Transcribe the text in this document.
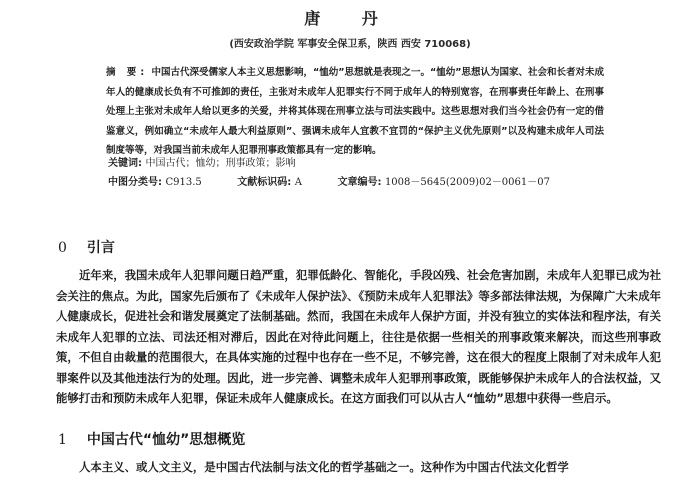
唐 丹
(西安政治学院 军事安全保卫系，陕西 西安 710068)
摘 要: 中国古代深受儒家人本主义思想影响，“恤幼”思想就是表现之一。“恤幼”思想认为国家、社会和长者对未成年人的健康成长负有不可推卸的责任，主张对未成年人犯罪实行不同于成年人的特别宽容，在刑事责任年龄上、在刑事处理上主张对未成年人给以更多的关爱，并将其体现在刑事立法与司法实践中。这些思想对我们当今社会仍有一定的借鉴意义，例如确立“未成年人最大利益原则”、强调未成年人宜教不宜罚的“保护主义优先原则”以及构建未成年人司法制度等等，对我国当前未成年人犯罪刑事政策都具有一定的影响。
关键词: 中国古代；恤幼；刑事政策；影响
中图分类号: C913.5	文献标识码: A	文章编号: 1008－5645(2009)02－0061－07
0 引言

近年来，我国未成年人犯罪问题日趋严重，犯罪低龄化、智能化，手段凶残、社会危害加剧，未成年人犯罪已成为社会关注的焦点。为此，国家先后颁布了《未成年人保护法》、《预防未成年人犯罪法》等多部法律法规，为保障广大未成年人健康成长，促进社会和谐发展奠定了法制基础。然而，我国在未成年人保护方面，并没有独立的实体法和程序法，有关未成年人犯罪的立法、司法还相对滞后，因此在对待此问题上，往往是依据一些相关的刑事政策来解决，而这些刑事政策，不但自由裁量的范围很大，在具体实施的过程中也存在一些不足，不够完善，这在很大的程度上限制了对未成年人犯罪案件以及其他违法行为的处理。因此，进一步完善、调整未成年人犯罪刑事政策，既能够保护未成年人的合法权益，又能够打击和预防未成年人犯罪，保证未成年人健康成长。在这方面我们可以从古人“恤幼”思想中获得一些启示。

1 中国古代“恤幼”思想概览

人本主义、或人文主义，是中国古代法制与法文化的哲学基础之一。这种作为中国古代法文化哲学
